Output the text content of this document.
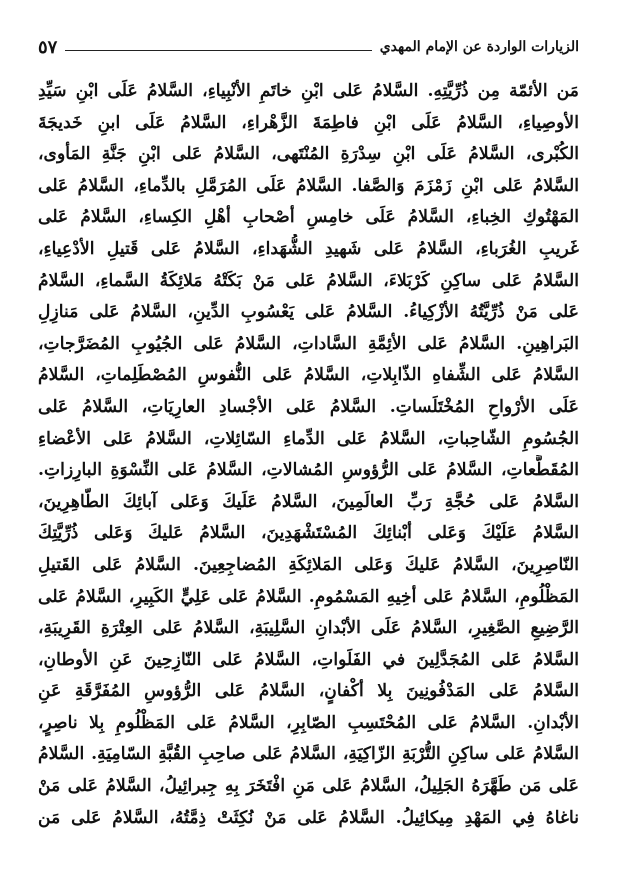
الزيارات الواردة عن الإمام المهدي
٥٧
مَن الأئمّة مِن ذُرِّيَّتِهِ. السَّلامُ عَلى ابْنِ خاتَمِ الأنْبِياءِ، السَّلامُ عَلَى ابْنِ سَيِّدِ
الأوصِياءِ، السَّلامُ عَلَى ابْنِ فاطِمَةَ الزَّهْراءِ، السَّلامُ عَلَى ابنِ خَديجَةَ
الكُبْرى، السَّلامُ عَلَى ابْنِ سِدْرَةِ المُنْتَهى، السَّلامُ عَلى ابْنِ جَنَّةِ المَأوى،
السَّلامُ عَلى ابْنِ زَمْزَمَ وَالصَّفا. السَّلامُ عَلَى المُرَمَّلِ بالدِّماءِ، السَّلامُ عَلى
المَهْتُوكِ الخِباءِ، السَّلامُ عَلَى خامِسِ أصْحابِ أهْلِ الكِساءِ، السَّلامُ عَلى
غَريبِ الغُرَباءِ، السَّلامُ عَلى شَهيدِ الشُّهَداءِ، السَّلامُ عَلى قَتيلِ الأدْعِياءِ،
السَّلامُ عَلى ساكِنِ كَرْبَلاءَ، السَّلامُ عَلى مَنْ بَكَتْهُ مَلائِكَةُ السَّماءِ، السَّلامُ
عَلى مَنْ ذُرِّيَّتُهُ الأزْكِياءُ. السَّلامُ عَلى يَعْسُوبِ الدِّينِ، السَّلامُ عَلى مَنازِلِ
البَراهِينِ. السَّلامُ عَلى الأئِمَّةِ السَّاداتِ، السَّلامُ عَلى الجُيُوبِ المُضَرَّجاتِ،
السَّلامُ عَلى الشِّفاهِ الذّابِلاتِ، السَّلامُ عَلى النُّفوسِ المُصْطَلِماتِ، السَّلامُ
عَلَى الأرْواحِ المُخْتَلَساتِ. السَّلامُ عَلى الأجْسادِ العارِيَاتِ، السَّلامُ عَلى
الجُسُومِ الشّاحِباتِ، السَّلامُ عَلى الدِّماءِ السّائِلاتِ، السَّلامُ عَلى الأعْضاءِ
المُقَطَّعاتِ، السَّلامُ عَلى الرُّؤوسِ المُشالاتِ، السَّلامُ عَلى النِّسْوَةِ البارِزاتِ.
السَّلامُ عَلى حُجَّةِ رَبِّ العالَمِينَ، السَّلامُ عَلَيكَ وَعَلى آبائِكَ الطّاهِرِينَ،
السَّلامُ عَلَيْكَ وَعَلى أبْنائِكَ المُسْتَشْهَدِينَ، السَّلامُ عَليكَ وَعَلى ذُرِّيَّتِكَ
النّاصِرِينَ، السَّلامُ عَليكَ وَعَلى المَلائِكَةِ المُضاجِعِينَ. السَّلامُ عَلى القَتيلِ
المَظْلُومِ، السَّلامُ عَلى أخِيهِ المَسْمُومِ. السَّلامُ عَلى عَلِيٍّ الكَبِيرِ، السَّلامُ عَلى
الرَّضِيعِ الصَّغِيرِ، السَّلامُ عَلَى الأبْدانِ السَّلِيبَةِ، السَّلامُ عَلى العِتْرَةِ القَرِيبَةِ،
السَّلامُ عَلى المُجَدَّلِينَ في الفَلَواتِ، السَّلامُ عَلى النّازِحِينَ عَنِ الأوطانِ،
السَّلامُ عَلى المَدْفُونِينَ بِلا أكْفانٍ، السَّلامُ عَلى الرُّؤوسِ المُفَرَّقَةِ عَنِ
الأبْدانِ. السَّلامُ عَلى المُحْتَسِبِ الصّابِرِ، السَّلامُ عَلى المَظْلُومِ بِلا ناصِرٍ،
السَّلامُ عَلى ساكِنِ التُّرْبَةِ الزّاكِيَةِ، السَّلامُ عَلى صاحِبِ القُبَّةِ السّامِيَةِ. السَّلامُ
عَلى مَن طَهَّرَهُ الجَلِيلُ، السَّلامُ عَلى مَنِ افْتَخَرَ بِهِ جِبرائِيلُ، السَّلامُ عَلى مَنْ
ناغاهُ فِي المَهْدِ مِيكائِيلُ. السَّلامُ عَلى مَنْ نُكِثَتْ ذِمَّتُهُ، السَّلامُ عَلى مَن
